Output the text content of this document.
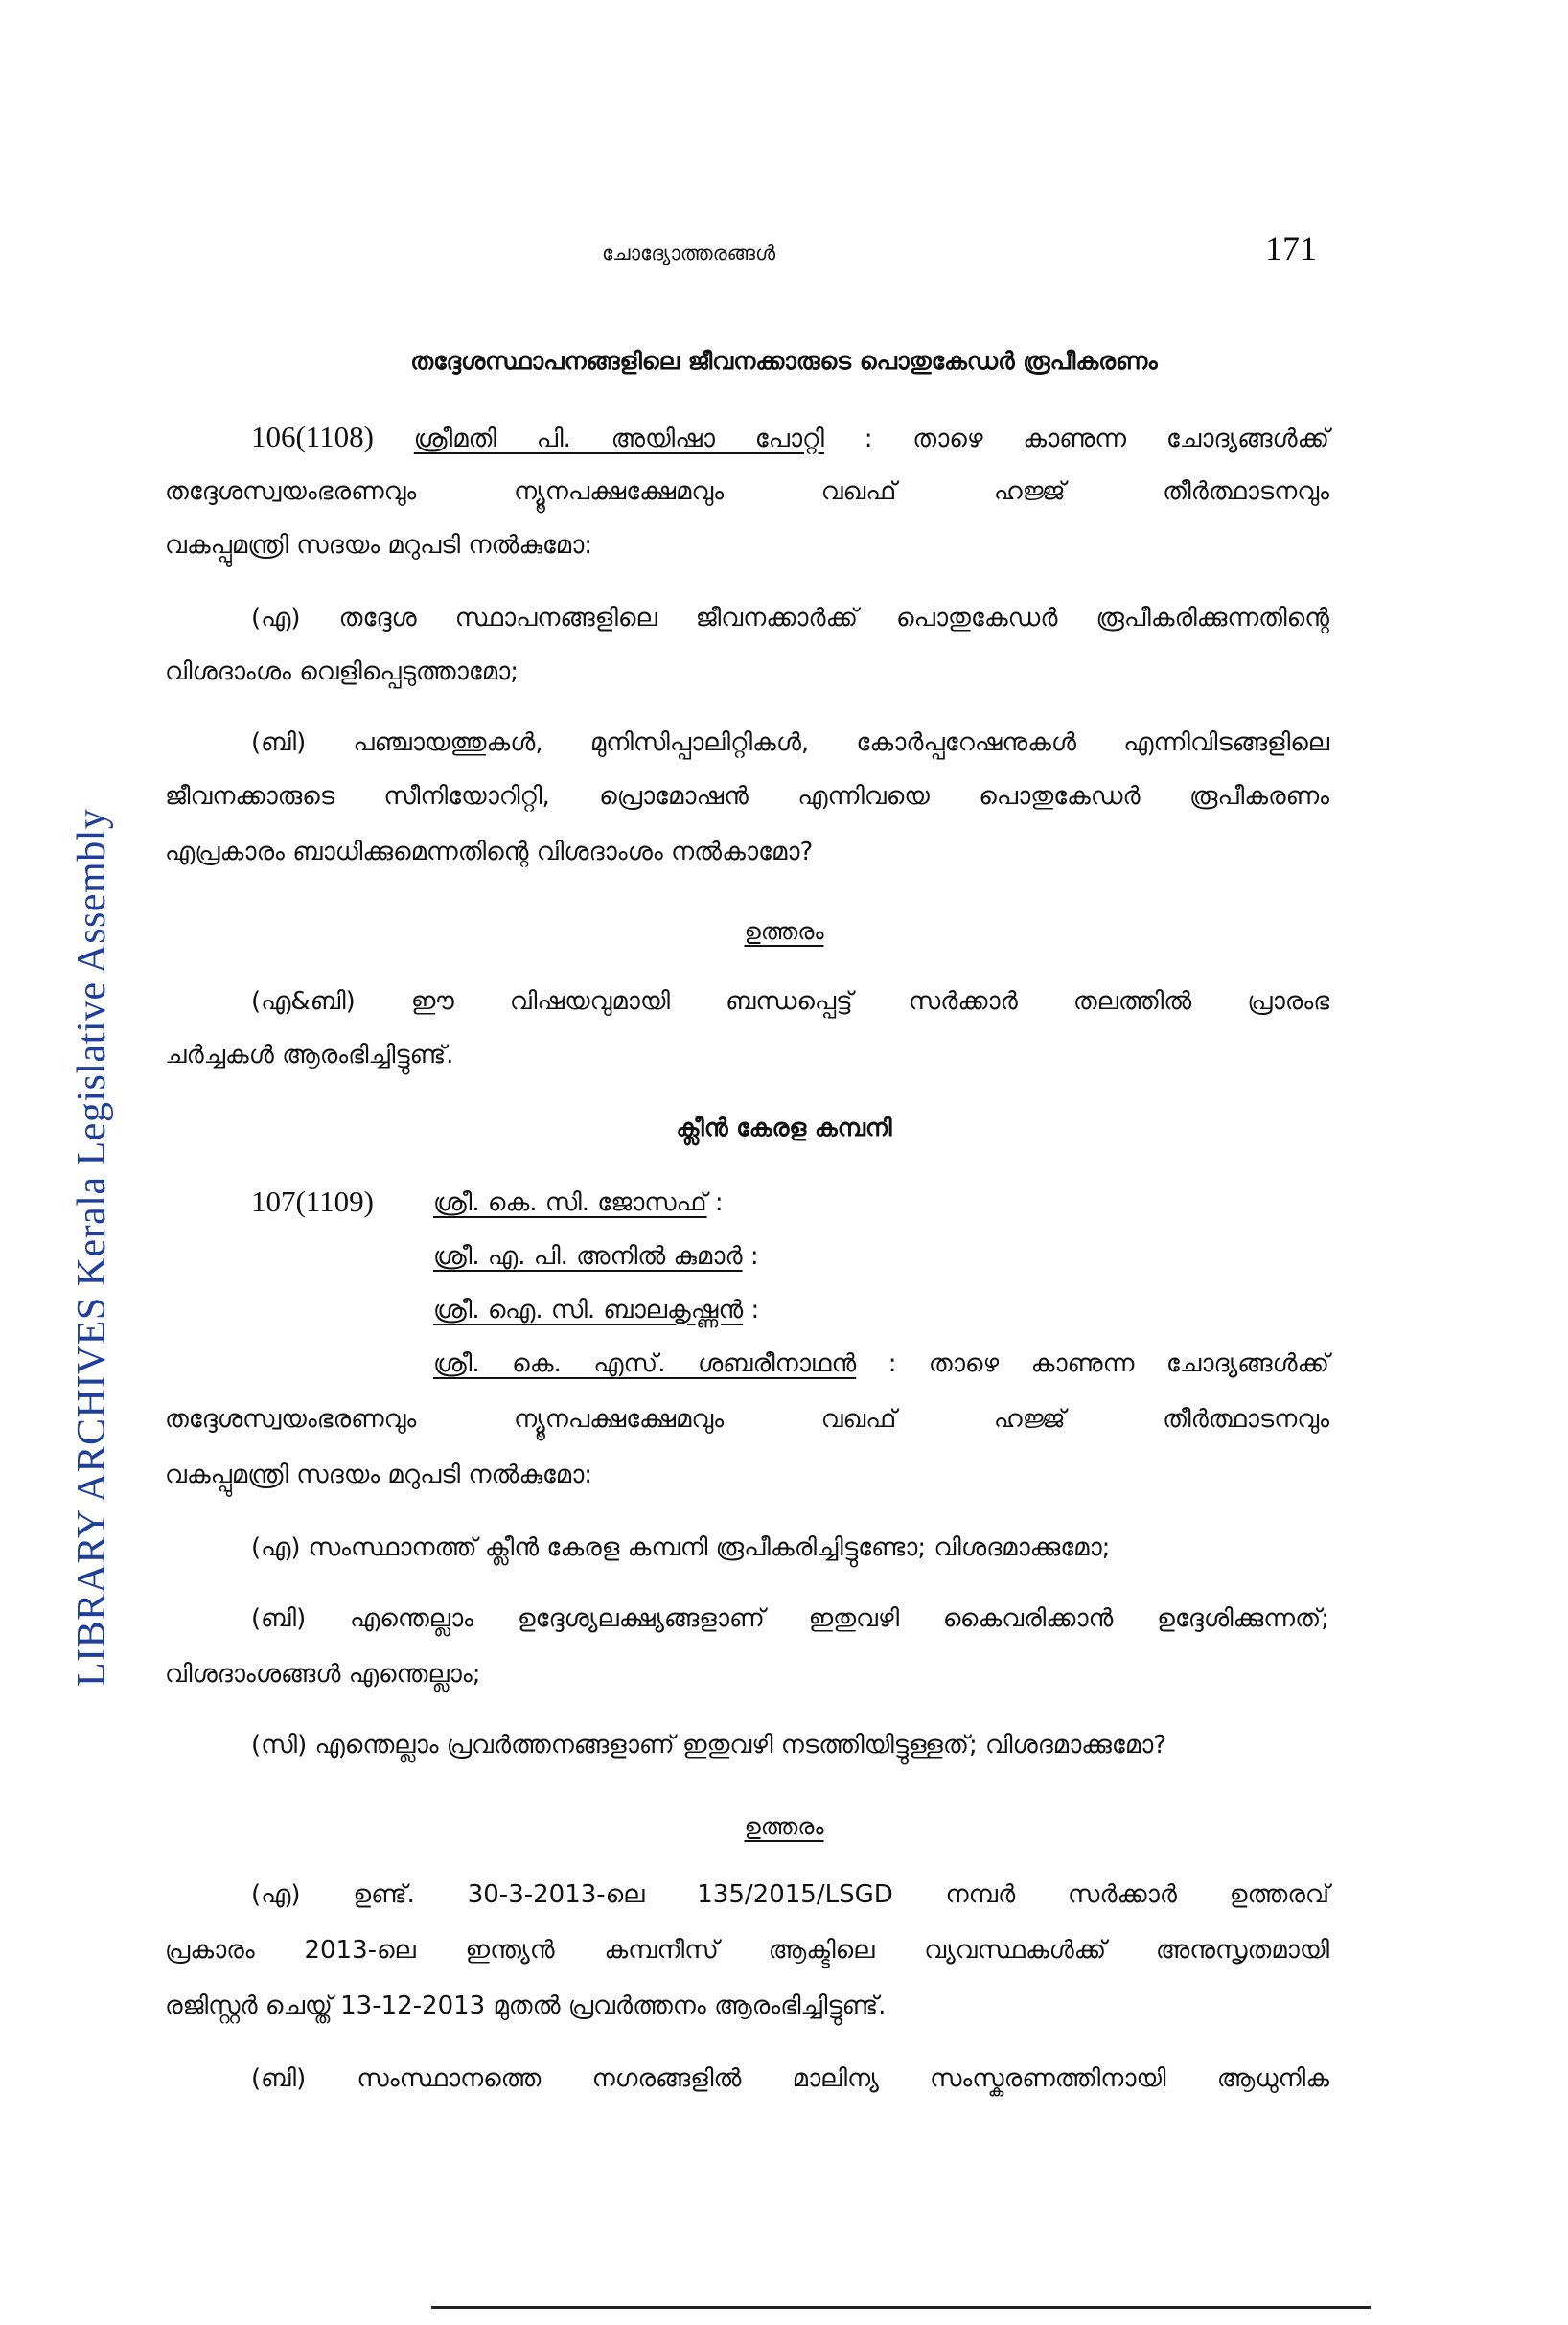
LIBRARY ARCHIVES Kerala Legislative Assembly
ചോദ്യോത്തരങ്ങൾ	171
തദ്ദേശസ്ഥാപനങ്ങളിലെ ജീവനക്കാരുടെ പൊതുകേഡർ രൂപീകരണം
106(1108) ശ്രീമതി പി. അയിഷാ പോറ്റി : താഴെ കാണുന്ന ചോദ്യങ്ങൾക്ക്
തദ്ദേശസ്വയംഭരണവും ന്യൂനപക്ഷക്ഷേമവും വഖഫ് ഹജ്ജ് തീർത്ഥാടനവും
വകപ്പുമന്ത്രി സദയം മറുപടി നൽകുമോ:
(എ) തദ്ദേശ സ്ഥാപനങ്ങളിലെ ജീവനക്കാർക്ക് പൊതുകേഡർ രൂപീകരിക്കുന്നതിന്റെ
വിശദാംശം വെളിപ്പെടുത്താമോ;
(ബി) പഞ്ചായത്തുകൾ, മുനിസിപ്പാലിറ്റികൾ, കോർപ്പറേഷനുകൾ എന്നിവിടങ്ങളിലെ
ജീവനക്കാരുടെ സീനിയോറിറ്റി, പ്രൊമോഷൻ എന്നിവയെ പൊതുകേഡർ രൂപീകരണം
എപ്രകാരം ബാധിക്കുമെന്നതിന്റെ വിശദാംശം നൽകാമോ?
ഉത്തരം
(എ&ബി) ഈ വിഷയവുമായി ബന്ധപ്പെട്ട് സർക്കാർ തലത്തിൽ പ്രാരംഭ
ചർച്ചകൾ ആരംഭിച്ചിട്ടുണ്ട്.
ക്ലീൻ കേരള കമ്പനി
107(1109) ശ്രീ. കെ. സി. ജോസഫ് :
ശ്രീ. എ. പി. അനിൽ കുമാർ :
ശ്രീ. ഐ. സി. ബാലകൃഷ്ണൻ :
ശ്രീ. കെ. എസ്. ശബരീനാഥൻ : താഴെ കാണുന്ന ചോദ്യങ്ങൾക്ക്
തദ്ദേശസ്വയംഭരണവും ന്യൂനപക്ഷക്ഷേമവും വഖഫ് ഹജ്ജ് തീർത്ഥാടനവും
വകപ്പുമന്ത്രി സദയം മറുപടി നൽകുമോ:
(എ) സംസ്ഥാനത്ത് ക്ലീൻ കേരള കമ്പനി രൂപീകരിച്ചിട്ടുണ്ടോ; വിശദമാക്കുമോ;
(ബി) എന്തെല്ലാം ഉദ്ദേശ്യലക്ഷ്യങ്ങളാണ് ഇതുവഴി കൈവരിക്കാൻ ഉദ്ദേശിക്കുന്നത്;
വിശദാംശങ്ങൾ എന്തെല്ലാം;
(സി) എന്തെല്ലാം പ്രവർത്തനങ്ങളാണ് ഇതുവഴി നടത്തിയിട്ടുള്ളത്; വിശദമാക്കുമോ?
ഉത്തരം
(എ) ഉണ്ട്. 30-3-2013-ലെ 135/2015/LSGD നമ്പർ സർക്കാർ ഉത്തരവ്
പ്രകാരം 2013-ലെ ഇന്ത്യൻ കമ്പനീസ് ആക്ടിലെ വ്യവസ്ഥകൾക്ക് അനുസൃതമായി
രജിസ്റ്റർ ചെയ്ത് 13-12-2013 മുതൽ പ്രവർത്തനം ആരംഭിച്ചിട്ടുണ്ട്.
(ബി) സംസ്ഥാനത്തെ നഗരങ്ങളിൽ മാലിന്യ സംസ്കരണത്തിനായി ആധുനിക
